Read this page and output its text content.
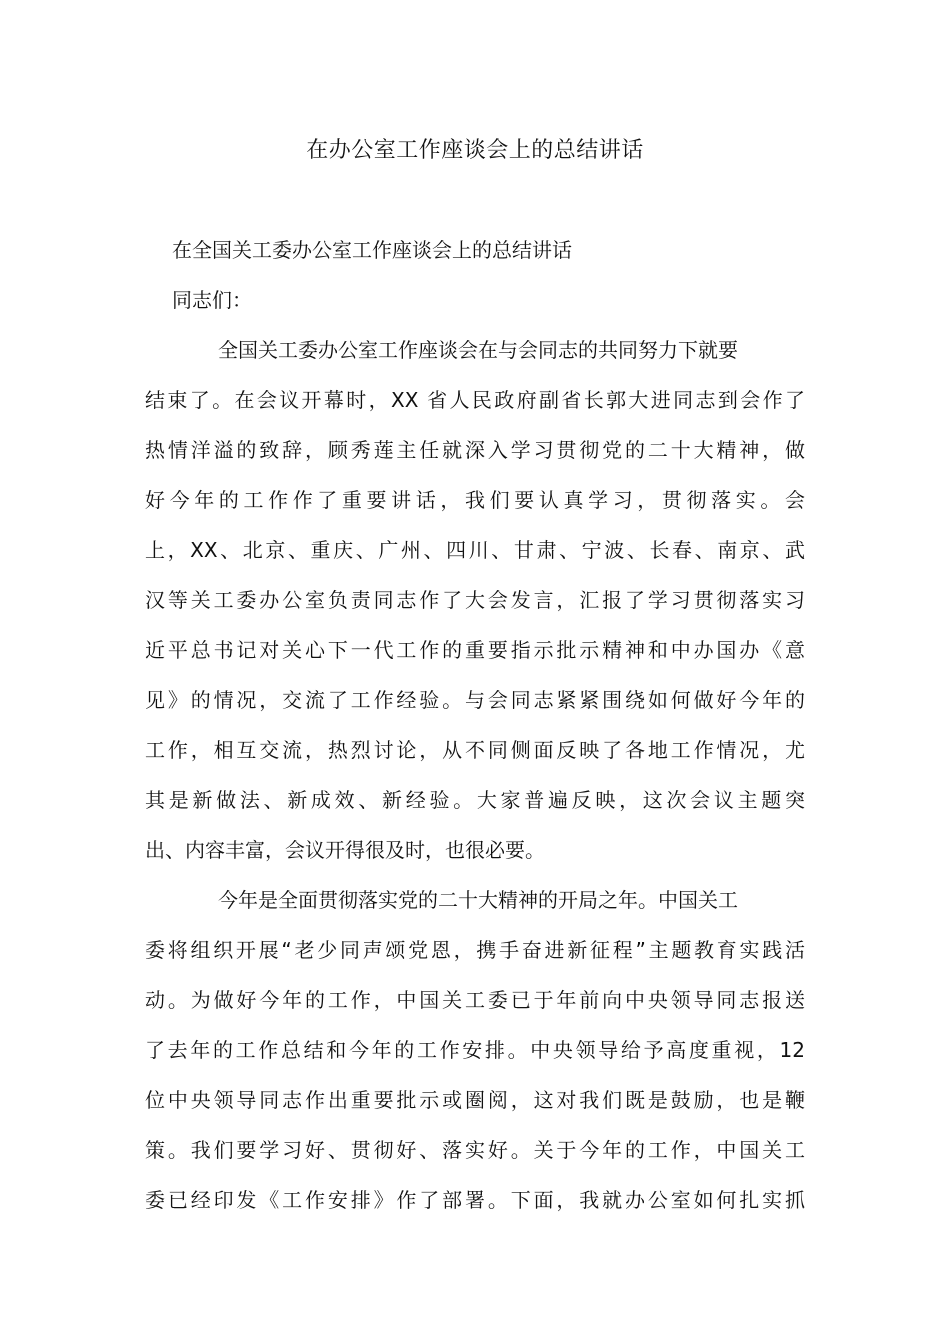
在办公室工作座谈会上的总结讲话
在全国关工委办公室工作座谈会上的总结讲话
同志们：
全国关工委办公室工作座谈会在与会同志的共同努力下就要
结束了。在会议开幕时，XX 省人民政府副省长郭大进同志到会作了
热情洋溢的致辞，顾秀莲主任就深入学习贯彻党的二十大精神，做
好今年的工作作了重要讲话，我们要认真学习，贯彻落实。会
上，XX、北京、重庆、广州、四川、甘肃、宁波、长春、南京、武
汉等关工委办公室负责同志作了大会发言，汇报了学习贯彻落实习
近平总书记对关心下一代工作的重要指示批示精神和中办国办《意
见》的情况，交流了工作经验。与会同志紧紧围绕如何做好今年的
工作，相互交流，热烈讨论，从不同侧面反映了各地工作情况，尤
其是新做法、新成效、新经验。大家普遍反映，这次会议主题突
出、内容丰富，会议开得很及时，也很必要。
今年是全面贯彻落实党的二十大精神的开局之年。中国关工
委将组织开展“老少同声颂党恩，携手奋进新征程”主题教育实践活
动。为做好今年的工作，中国关工委已于年前向中央领导同志报送
了去年的工作总结和今年的工作安排。中央领导给予高度重视，12
位中央领导同志作出重要批示或圈阅，这对我们既是鼓励，也是鞭
策。我们要学习好、贯彻好、落实好。关于今年的工作，中国关工
委已经印发《工作安排》作了部署。下面，我就办公室如何扎实抓
